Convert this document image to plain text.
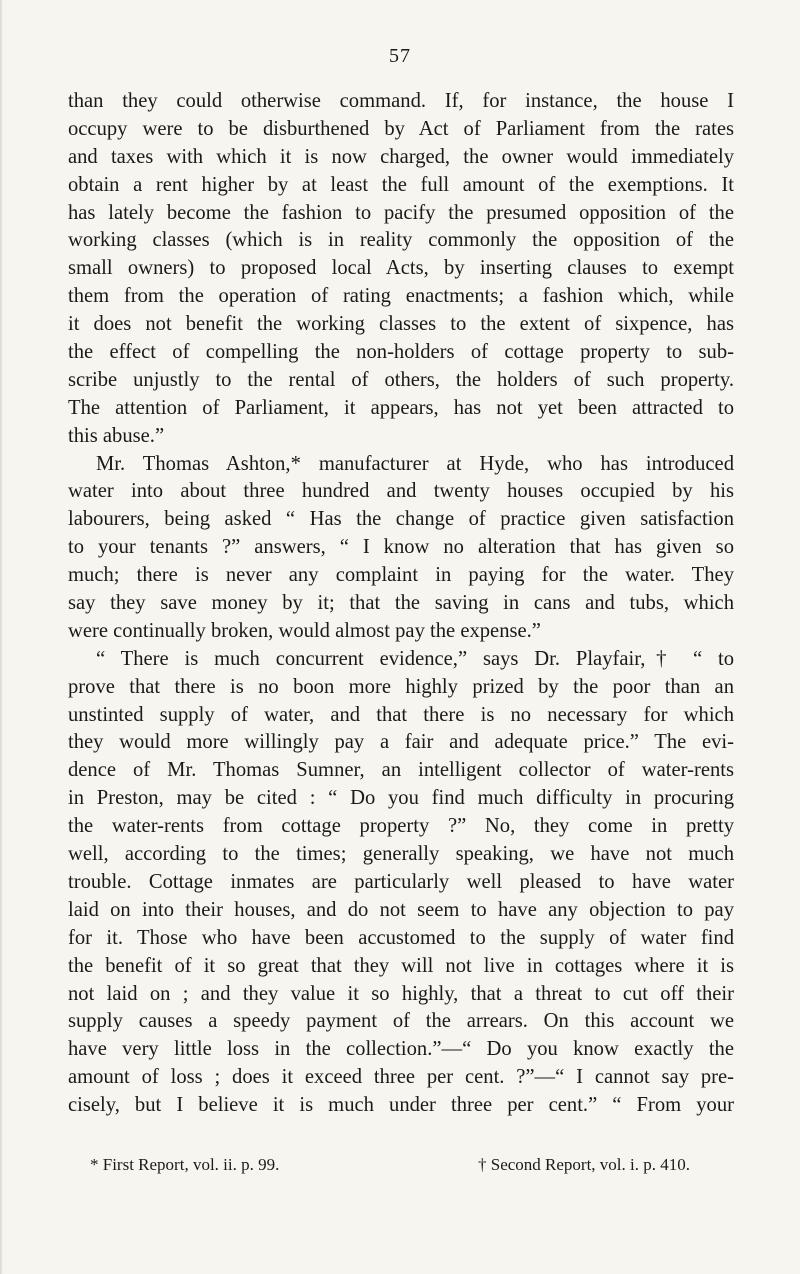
57
than they could otherwise command. If, for instance, the house I
occupy were to be disburthened by Act of Parliament from the rates
and taxes with which it is now charged, the owner would immediately
obtain a rent higher by at least the full amount of the exemptions. It
has lately become the fashion to pacify the presumed opposition of the
working classes (which is in reality commonly the opposition of the
small owners) to proposed local Acts, by inserting clauses to exempt
them from the operation of rating enactments; a fashion which, while
it does not benefit the working classes to the extent of sixpence, has
the effect of compelling the non-holders of cottage property to sub-
scribe unjustly to the rental of others, the holders of such property.
The attention of Parliament, it appears, has not yet been attracted to
this abuse.”
Mr. Thomas Ashton,* manufacturer at Hyde, who has introduced
water into about three hundred and twenty houses occupied by his
labourers, being asked “ Has the change of practice given satisfaction
to your tenants ?” answers, “ I know no alteration that has given so
much; there is never any complaint in paying for the water. They
say they save money by it; that the saving in cans and tubs, which
were continually broken, would almost pay the expense.”
“ There is much concurrent evidence,” says Dr. Playfair,† “ to
prove that there is no boon more highly prized by the poor than an
unstinted supply of water, and that there is no necessary for which
they would more willingly pay a fair and adequate price.” The evi-
dence of Mr. Thomas Sumner, an intelligent collector of water-rents
in Preston, may be cited : “ Do you find much difficulty in procuring
the water-rents from cottage property ?” No, they come in pretty
well, according to the times; generally speaking, we have not much
trouble. Cottage inmates are particularly well pleased to have water
laid on into their houses, and do not seem to have any objection to pay
for it. Those who have been accustomed to the supply of water find
the benefit of it so great that they will not live in cottages where it is
not laid on ; and they value it so highly, that a threat to cut off their
supply causes a speedy payment of the arrears. On this account we
have very little loss in the collection.”—“ Do you know exactly the
amount of loss ; does it exceed three per cent. ?”—“ I cannot say pre-
cisely, but I believe it is much under three per cent.” “ From your
* First Report, vol. ii. p. 99.	† Second Report, vol. i. p. 410.
